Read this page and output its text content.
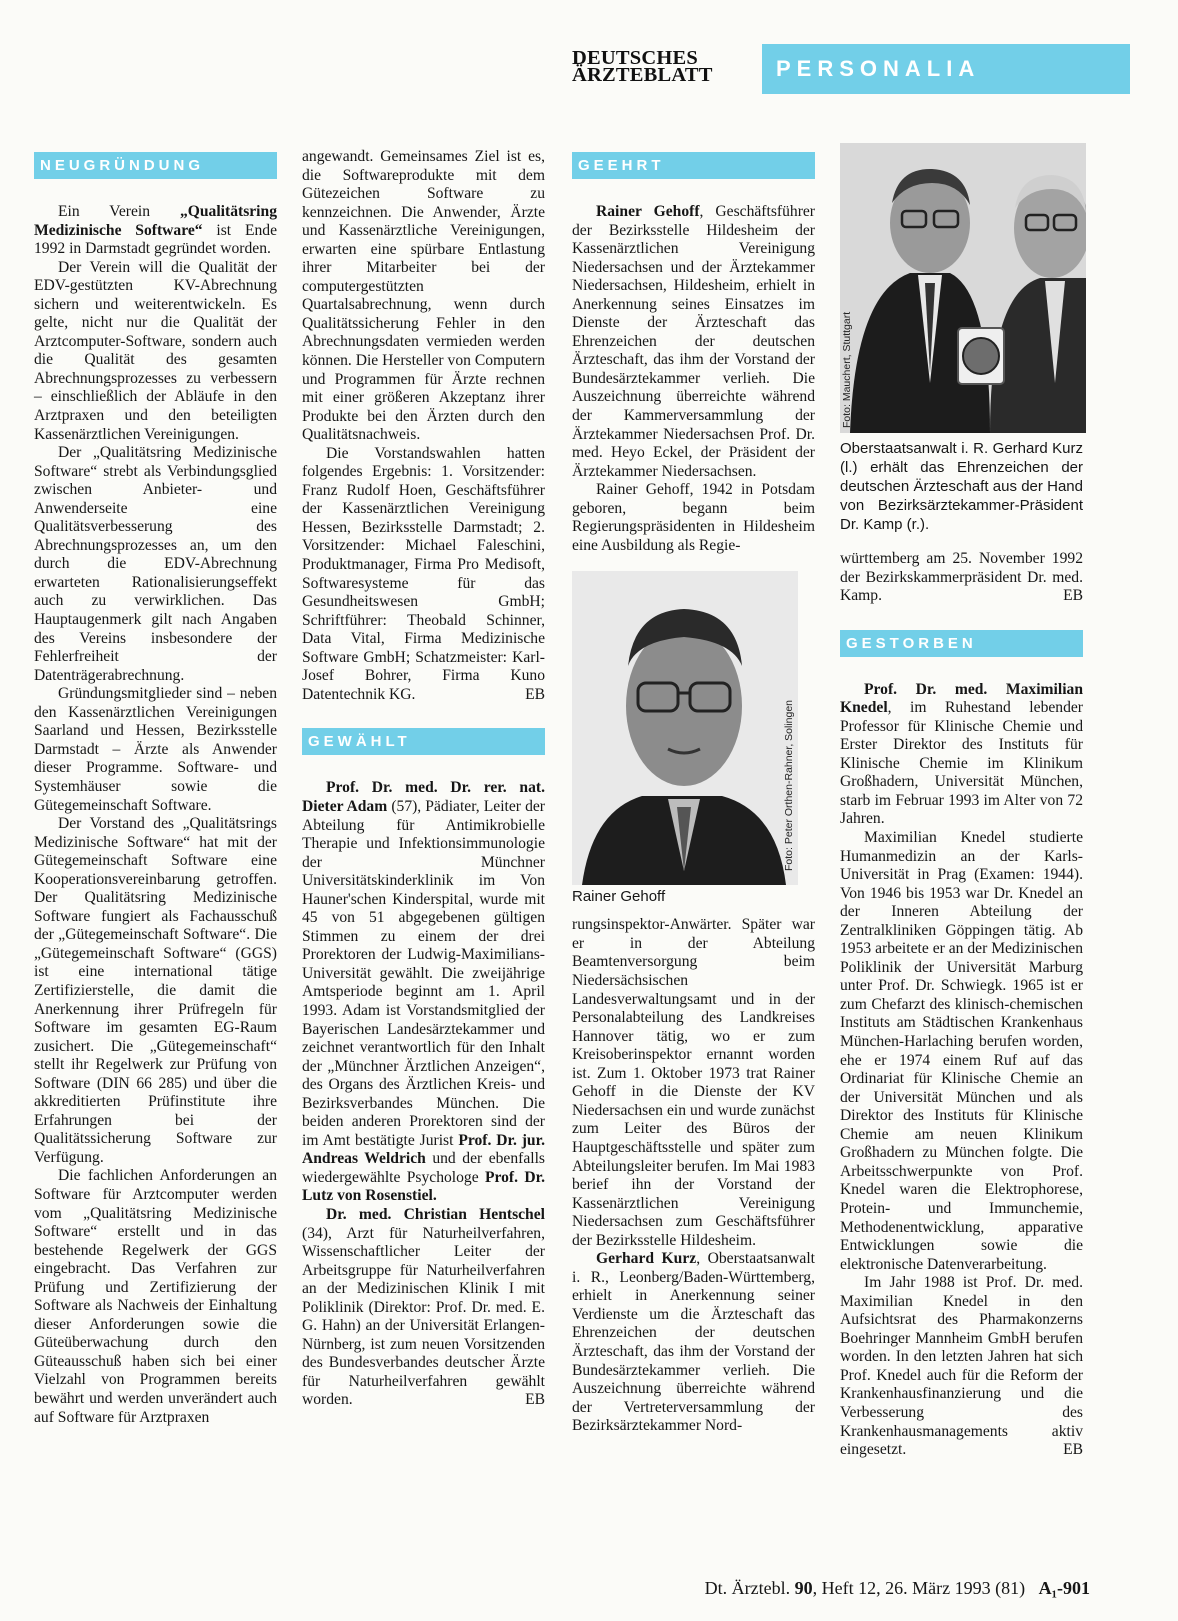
DEUTSCHES
ÄRZTEBLATT	PERSONALIA
NEUGRÜNDUNG

Ein Verein „Qualitätsring Medizinische Software“ ist Ende 1992 in Darmstadt gegründet worden.

Der Verein will die Qualität der EDV-gestützten KV-Abrechnung sichern und weiterentwickeln. Es gelte, nicht nur die Qualität der Arztcomputer-Software, sondern auch die Qualität des gesamten Abrechnungsprozesses zu verbessern – einschließlich der Abläufe in den Arztpraxen und den beteiligten Kassenärztlichen Vereinigungen.

Der „Qualitätsring Medizinische Software“ strebt als Verbindungsglied zwischen Anbieter- und Anwenderseite eine Qualitätsverbesserung des Abrechnungsprozesses an, um den durch die EDV-Abrechnung erwarteten Rationalisierungseffekt auch zu verwirklichen. Das Hauptaugenmerk gilt nach Angaben des Vereins insbesondere der Fehlerfreiheit der Datenträgerabrechnung.

Gründungsmitglieder sind – neben den Kassenärztlichen Vereinigungen Saarland und Hessen, Bezirksstelle Darmstadt – Ärzte als Anwender dieser Programme. Software- und Systemhäuser sowie die Gütegemeinschaft Software.

Der Vorstand des „Qualitätsrings Medizinische Software“ hat mit der Gütegemeinschaft Software eine Kooperationsvereinbarung getroffen. Der Qualitätsring Medizinische Software fungiert als Fachausschuß der „Gütegemeinschaft Software“. Die „Gütegemeinschaft Software“ (GGS) ist eine international tätige Zertifizierstelle, die damit die Anerkennung ihrer Prüfregeln für Software im gesamten EG-Raum zusichert. Die „Gütegemeinschaft“ stellt ihr Regelwerk zur Prüfung von Software (DIN 66 285) und über die akkreditierten Prüfinstitute ihre Erfahrungen bei der Qualitätssicherung Software zur Verfügung.

Die fachlichen Anforderungen an Software für Arztcomputer werden vom „Qualitätsring Medizinische Software“ erstellt und in das bestehende Regelwerk der GGS eingebracht. Das Verfahren zur Prüfung und Zertifizierung der Software als Nachweis der Einhaltung dieser Anforderungen sowie die Güteüberwachung durch den Güteausschuß haben sich bei einer Vielzahl von Programmen bereits bewährt und werden unverändert auch auf Software für Arztpraxen

angewandt. Gemeinsames Ziel ist es, die Softwareprodukte mit dem Gütezeichen Software zu kennzeichnen. Die Anwender, Ärzte und Kassenärztliche Vereinigungen, erwarten eine spürbare Entlastung ihrer Mitarbeiter bei der computergestützten Quartalsabrechnung, wenn durch Qualitätssicherung Fehler in den Abrechnungsdaten vermieden werden können. Die Hersteller von Computern und Programmen für Ärzte rechnen mit einer größeren Akzeptanz ihrer Produkte bei den Ärzten durch den Qualitätsnachweis.

Die Vorstandswahlen hatten folgendes Ergebnis: 1. Vorsitzender: Franz Rudolf Hoen, Geschäftsführer der Kassenärztlichen Vereinigung Hessen, Bezirksstelle Darmstadt; 2. Vorsitzender: Michael Faleschini, Produktmanager, Firma Pro Medisoft, Softwaresysteme für das Gesundheitswesen GmbH; Schriftführer: Theobald Schinner, Data Vital, Firma Medizinische Software GmbH; Schatzmeister: Karl-Josef Bohrer, Firma Kuno Datentechnik KG.	EB

GEWÄHLT

Prof. Dr. med. Dr. rer. nat. Dieter Adam (57), Pädiater, Leiter der Abteilung für Antimikrobielle Therapie und Infektionsimmunologie der Münchner Universitätskinderklinik im Von Hauner'schen Kinderspital, wurde mit 45 von 51 abgegebenen gültigen Stimmen zu einem der drei Prorektoren der Ludwig-Maximilians-Universität gewählt. Die zweijährige Amtsperiode beginnt am 1. April 1993. Adam ist Vorstandsmitglied der Bayerischen Landesärztekammer und zeichnet verantwortlich für den Inhalt der „Münchner Ärztlichen Anzeigen“, des Organs des Ärztlichen Kreis- und Bezirksverbandes München. Die beiden anderen Prorektoren sind der im Amt bestätigte Jurist Prof. Dr. jur. Andreas Weldrich und der ebenfalls wiedergewählte Psychologe Prof. Dr. Lutz von Rosenstiel.

Dr. med. Christian Hentschel (34), Arzt für Naturheilverfahren, Wissenschaftlicher Leiter der Arbeitsgruppe für Naturheilverfahren an der Medizinischen Klinik I mit Poliklinik (Direktor: Prof. Dr. med. E. G. Hahn) an der Universität Erlangen-Nürnberg, ist zum neuen Vorsitzenden des Bundesverbandes deutscher Ärzte für Naturheilverfahren gewählt worden.	EB

GEEHRT

Rainer Gehoff, Geschäftsführer der Bezirksstelle Hildesheim der Kassenärztlichen Vereinigung Niedersachsen und der Ärztekammer Niedersachsen, Hildesheim, erhielt in Anerkennung seines Einsatzes im Dienste der Ärzteschaft das Ehrenzeichen der deutschen Ärzteschaft, das ihm der Vorstand der Bundesärztekammer verlieh. Die Auszeichnung überreichte während der Kammerversammlung der Ärztekammer Niedersachsen Prof. Dr. med. Heyo Eckel, der Präsident der Ärztekammer Niedersachsen.

Rainer Gehoff, 1942 in Potsdam geboren, begann beim Regierungspräsidenten in Hildesheim eine Ausbildung als Regie-

Foto: Peter Orthen-Rahner, Solingen
Rainer Gehoff

rungsinspektor-Anwärter. Später war er in der Abteilung Beamtenversorgung beim Niedersächsischen Landesverwaltungsamt und in der Personalabteilung des Landkreises Hannover tätig, wo er zum Kreisoberinspektor ernannt worden ist. Zum 1. Oktober 1973 trat Rainer Gehoff in die Dienste der KV Niedersachsen ein und wurde zunächst zum Leiter des Büros der Hauptgeschäftsstelle und später zum Abteilungsleiter berufen. Im Mai 1983 berief ihn der Vorstand der Kassenärztlichen Vereinigung Niedersachsen zum Geschäftsführer der Bezirksstelle Hildesheim.

Gerhard Kurz, Oberstaatsanwalt i. R., Leonberg/Baden-Württemberg, erhielt in Anerkennung seiner Verdienste um die Ärzteschaft das Ehrenzeichen der deutschen Ärzteschaft, das ihm der Vorstand der Bundesärztekammer verlieh. Die Auszeichnung überreichte während der Vertreterversammlung der Bezirksärztekammer Nord-

Foto: Mauchert, Stuttgart
Oberstaatsanwalt i. R. Gerhard Kurz (l.) erhält das Ehrenzeichen der deutschen Ärzteschaft aus der Hand von Bezirksärztekammer-Präsident Dr. Kamp (r.).

württemberg am 25. November 1992 der Bezirkskammerpräsident Dr. med. Kamp.	EB

GESTORBEN

Prof. Dr. med. Maximilian Knedel, im Ruhestand lebender Professor für Klinische Chemie und Erster Direktor des Instituts für Klinische Chemie im Klinikum Großhadern, Universität München, starb im Februar 1993 im Alter von 72 Jahren.

Maximilian Knedel studierte Humanmedizin an der Karls-Universität in Prag (Examen: 1944). Von 1946 bis 1953 war Dr. Knedel an der Inneren Abteilung der Zentralkliniken Göppingen tätig. Ab 1953 arbeitete er an der Medizinischen Poliklinik der Universität Marburg unter Prof. Dr. Schwiegk. 1965 ist er zum Chefarzt des klinisch-chemischen Instituts am Städtischen Krankenhaus München-Harlaching berufen worden, ehe er 1974 einem Ruf auf das Ordinariat für Klinische Chemie an der Universität München und als Direktor des Instituts für Klinische Chemie am neuen Klinikum Großhadern zu München folgte. Die Arbeitsschwerpunkte von Prof. Knedel waren die Elektrophorese, Protein- und Immunchemie, Methodenentwicklung, apparative Entwicklungen sowie die elektronische Datenverarbeitung.

Im Jahr 1988 ist Prof. Dr. med. Maximilian Knedel in den Aufsichtsrat des Pharmakonzerns Boehringer Mannheim GmbH berufen worden. In den letzten Jahren hat sich Prof. Knedel auch für die Reform der Krankenhausfinanzierung und die Verbesserung des Krankenhausmanagements aktiv eingesetzt.	EB

Dt. Ärztebl. 90, Heft 12, 26. März 1993 (81) A₁-901
